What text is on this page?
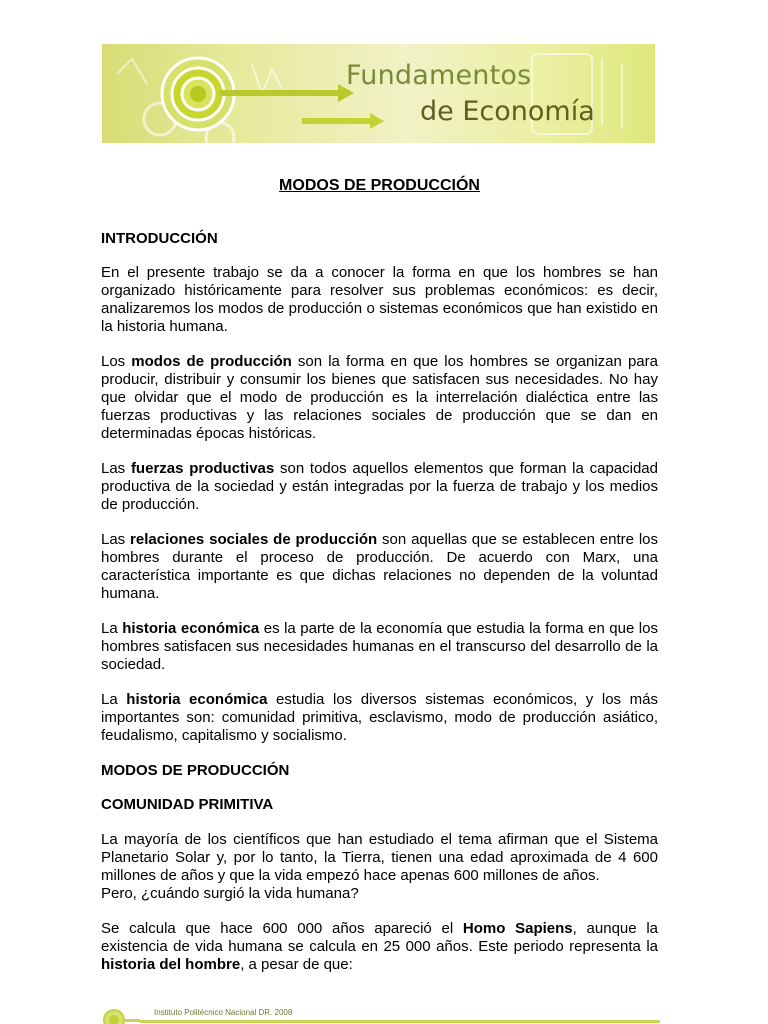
Fundamentos
de Economía
MODOS DE PRODUCCIÓN
INTRODUCCIÓN

En el presente trabajo se da a conocer la forma en que los hombres se han organizado históricamente para resolver sus problemas económicos: es decir, analizaremos los modos de producción o sistemas económicos que han existido en la historia humana.

Los modos de producción son la forma en que los hombres se organizan para producir, distribuir y consumir los bienes que satisfacen sus necesidades. No hay que olvidar que el modo de producción es la interrelación dialéctica entre las fuerzas productivas y las relaciones sociales de producción que se dan en determinadas épocas históricas.

Las fuerzas productivas son todos aquellos elementos que forman la capacidad productiva de la sociedad y están integradas por la fuerza de trabajo y los medios de producción.

Las relaciones sociales de producción son aquellas que se establecen entre los hombres durante el proceso de producción. De acuerdo con Marx, una característica importante es que dichas relaciones no dependen de la voluntad humana.

La historia económica es la parte de la economía que estudia la forma en que los hombres satisfacen sus necesidades humanas en el transcurso del desarrollo de la sociedad.

La historia económica estudia los diversos sistemas económicos, y los más importantes son: comunidad primitiva, esclavismo, modo de producción asiático, feudalismo, capitalismo y socialismo.

MODOS DE PRODUCCIÓN
COMUNIDAD PRIMITIVA

La mayoría de los científicos que han estudiado el tema afirman que el Sistema Planetario Solar y, por lo tanto, la Tierra, tienen una edad aproximada de 4 600 millones de años y que la vida empezó hace apenas 600 millones de años.
Pero, ¿cuándo surgió la vida humana?

Se calcula que hace 600 000 años apareció el Homo Sapiens, aunque la existencia de vida humana se calcula en 25 000 años. Este periodo representa la historia del hombre, a pesar de que:

Instituto Politécnico Nacional DR. 2008
